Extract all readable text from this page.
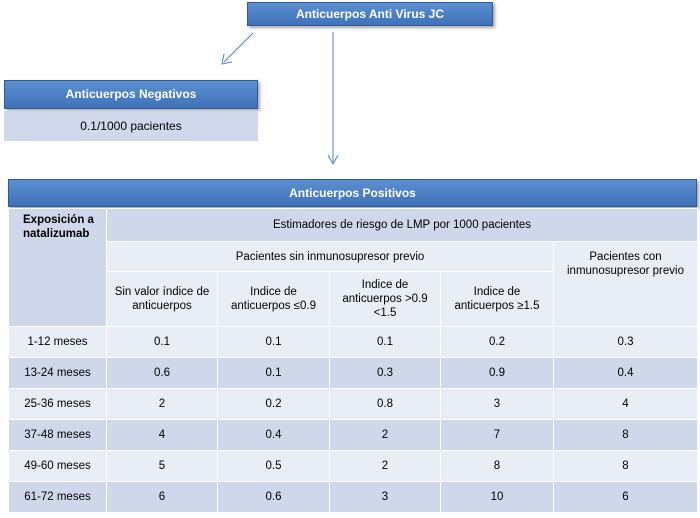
Anticuerpos Anti Virus JC
Anticuerpos Negativos
0.1/1000 pacientes
Anticuerpos Positivos
Exposición a natalizumab	Estimadores de riesgo de LMP por 1000 pacientes				
	Pacientes sin inmunosupresor previo				Pacientes con inmunosupresor previo
	Sin valor índice de anticuerpos	Indice de anticuerpos ≤0.9	Indice de anticuerpos >0.9 <1.5	Indice de anticuerpos ≥1.5	
1-12 meses	0.1	0.1	0.1	0.2	0.3
13-24 meses	0.6	0.1	0.3	0.9	0.4
25-36 meses	2	0.2	0.8	3	4
37-48 meses	4	0.4	2	7	8
49-60 meses	5	0.5	2	8	8
61-72 meses	6	0.6	3	10	6
